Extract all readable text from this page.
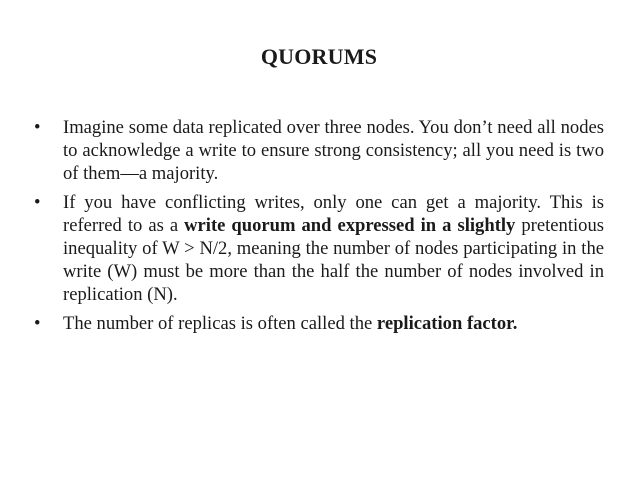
QUORUMS
• Imagine some data replicated over three nodes. You don’t need all nodes to acknowledge a write to ensure strong consistency; all you need is two of them—a majority.
• If you have conflicting writes, only one can get a majority. This is referred to as a write quorum and expressed in a slightly pretentious inequality of W > N/2, meaning the number of nodes participating in the write (W) must be more than the half the number of nodes involved in replication (N).
• The number of replicas is often called the replication factor.
